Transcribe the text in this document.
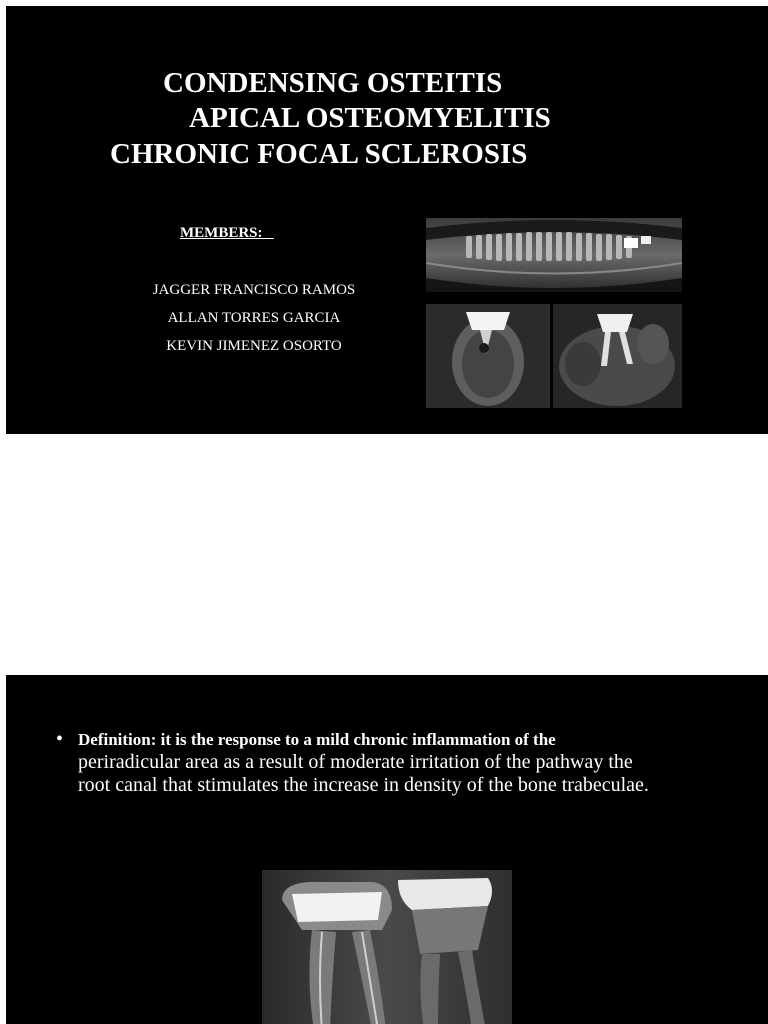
CONDENSING OSTEITIS
APICAL OSTEOMYELITIS
CHRONIC FOCAL SCLEROSIS
MEMBERS:
JAGGER FRANCISCO RAMOS
ALLAN TORRES GARCIA
KEVIN JIMENEZ OSORTO
• Definition: it is the response to a mild chronic inflammation of the
periradicular area as a result of moderate irritation of the pathway the root canal that stimulates the increase in density of the bone trabeculae.
